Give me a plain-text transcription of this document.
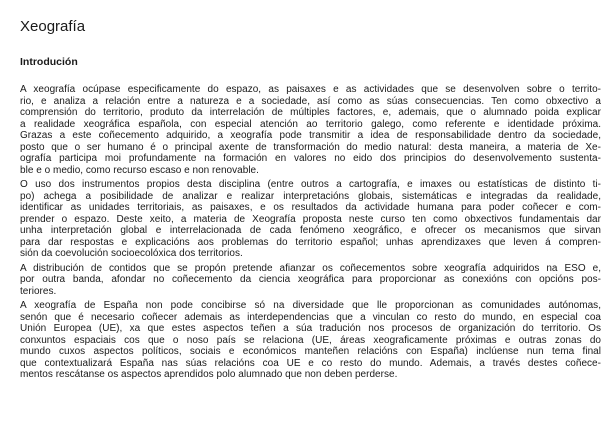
Xeografía
Introdución

A xeografía ocúpase especificamente do espazo, as paisaxes e as actividades que se desenvolven sobre o territo-
rio, e analiza a relación entre a natureza e a sociedade, así como as súas consecuencias. Ten como obxectivo a
comprensión do territorio, produto da interrelación de múltiples factores, e, ademais, que o alumnado poida explicar
a realidade xeográfica española, con especial atención ao territorio galego, como referente e identidade próxima.
Grazas a este coñecemento adquirido, a xeografía pode transmitir a idea de responsabilidade dentro da sociedade,
posto que o ser humano é o principal axente de transformación do medio natural: desta maneira, a materia de Xe-
ografía participa moi profundamente na formación en valores no eido dos principios do desenvolvemento sustenta-
ble e o medio, como recurso escaso e non renovable.

O uso dos instrumentos propios desta disciplina (entre outros a cartografía, e imaxes ou estatísticas de distinto ti-
po) achega a posibilidade de analizar e realizar interpretacións globais, sistemáticas e integradas da realidade,
identificar as unidades territoriais, as paisaxes, e os resultados da actividade humana para poder coñecer e com-
prender o espazo. Deste xeito, a materia de Xeografía proposta neste curso ten como obxectivos fundamentais dar
unha interpretación global e interrelacionada de cada fenómeno xeográfico, e ofrecer os mecanismos que sirvan
para dar respostas e explicacións aos problemas do territorio español; unhas aprendizaxes que leven á compren-
sión da coevolución socioecolóxica dos territorios.

A distribución de contidos que se propón pretende afianzar os coñecementos sobre xeografía adquiridos na ESO e,
por outra banda, afondar no coñecemento da ciencia xeográfica para proporcionar as conexións con opcións pos-
teriores.

A xeografía de España non pode concibirse só na diversidade que lle proporcionan as comunidades autónomas,
senón que é necesario coñecer ademais as interdependencias que a vinculan co resto do mundo, en especial coa
Unión Europea (UE), xa que estes aspectos teñen a súa tradución nos procesos de organización do territorio. Os
conxuntos espaciais cos que o noso país se relaciona (UE, áreas xeograficamente próximas e outras zonas do
mundo cuxos aspectos políticos, sociais e económicos manteñen relacións con España) inclúense nun tema final
que contextualizará España nas súas relacións coa UE e co resto do mundo. Ademais, a través destes coñece-
mentos rescátanse os aspectos aprendidos polo alumnado que non deben perderse.
